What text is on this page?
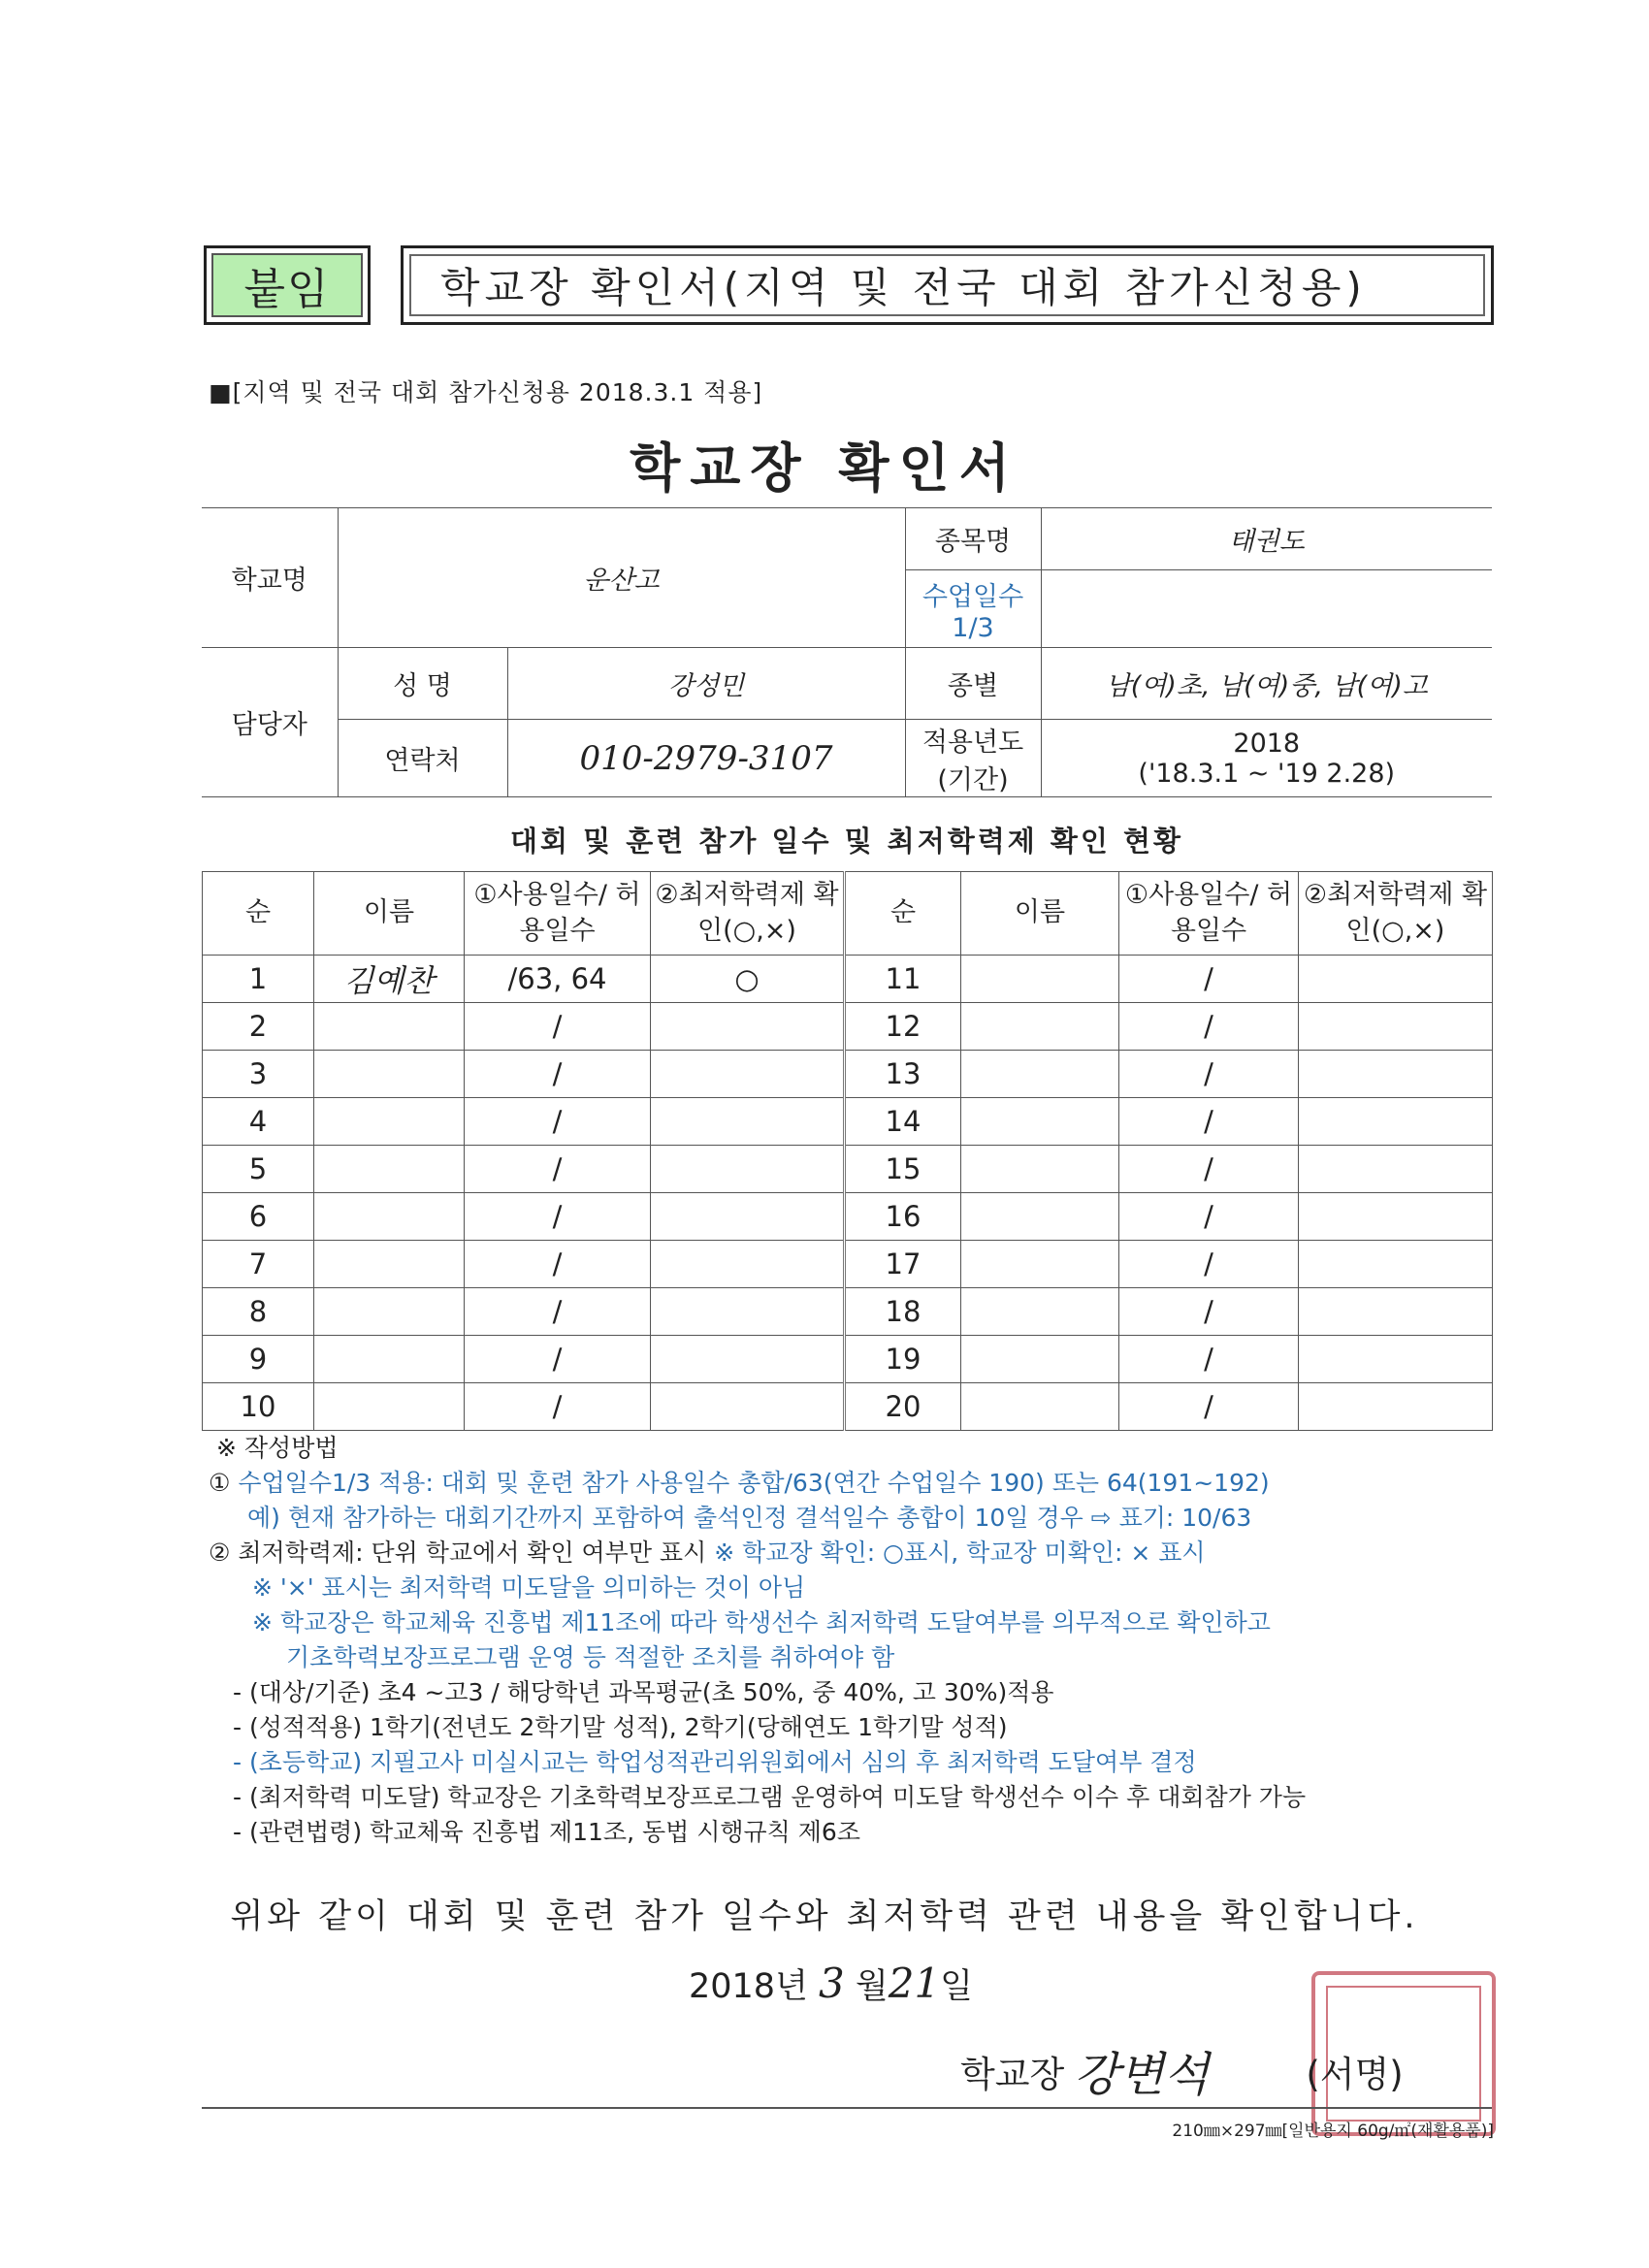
붙임	학교장 확인서(지역 및 전국 대회 참가신청용)
■[지역 및 전국 대회 참가신청용 2018.3.1 적용]
학교장 확인서
학교명	운산고		종목명	태권도
			수업일수 1/3	
담당자	성 명	강성민	종별	남(여)초, 남(여)중, 남(여)고
	연락처	010-2979-3107	적용년도 (기간)	2018
('18.3.1 ~ '19 2.28)
대회 및 훈련 참가 일수 및 최저학력제 확인 현황
순	이름	①사용일수/ 허용일수	②최저학력제 확인(○,×)	순	이름	①사용일수/ 허용일수	②최저학력제 확인(○,×)
1	김예찬	/63, 64	○	11		/	
2		/		12		/	
3		/		13		/	
4		/		14		/	
5		/		15		/	
6		/		16		/	
7		/		17		/	
8		/		18		/	
9		/		19		/	
10		/		20		/	
※ 작성방법
① 수업일수1/3 적용: 대회 및 훈련 참가 사용일수 총합/63(연간 수업일수 190) 또는 64(191~192)
예) 현재 참가하는 대회기간까지 포함하여 출석인정 결석일수 총합이 10일 경우 ⇨ 표기: 10/63
② 최저학력제: 단위 학교에서 확인 여부만 표시 ※ 학교장 확인: ○표시, 학교장 미확인: × 표시
※ '×' 표시는 최저학력 미도달을 의미하는 것이 아님
※ 학교장은 학교체육 진흥법 제11조에 따라 학생선수 최저학력 도달여부를 의무적으로 확인하고
기초학력보장프로그램 운영 등 적절한 조치를 취하여야 함
- (대상/기준) 초4 ~고3 / 해당학년 과목평균(초 50%, 중 40%, 고 30%)적용
- (성적적용) 1학기(전년도 2학기말 성적), 2학기(당해연도 1학기말 성적)
- (초등학교) 지필고사 미실시교는 학업성적관리위원회에서 심의 후 최저학력 도달여부 결정
- (최저학력 미도달) 학교장은 기초학력보장프로그램 운영하여 미도달 학생선수 이수 후 대회참가 가능
- (관련법령) 학교체육 진흥법 제11조, 동법 시행규칙 제6조
위와 같이 대회 및 훈련 참가 일수와 최저학력 관련 내용을 확인합니다.
2018년 3 월21일
학교장 강변석	(서명)
210㎜×297㎜[일반용지 60g/㎡(재활용품)]
